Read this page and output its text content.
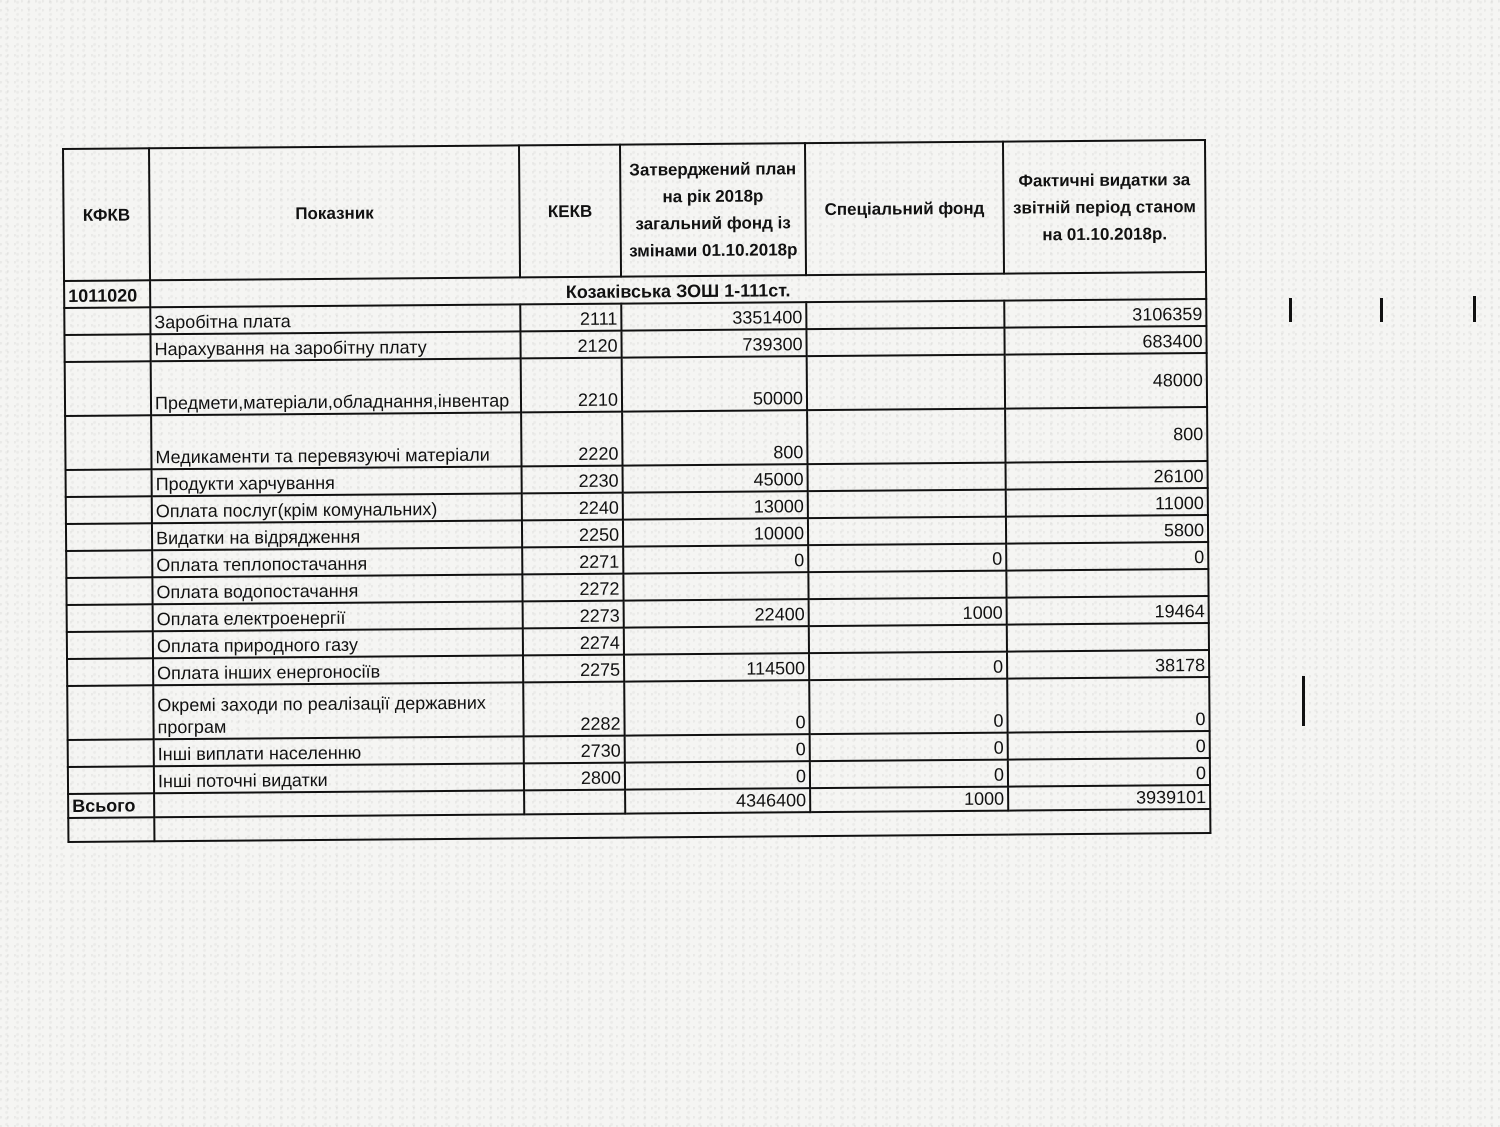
КФКВ	Показник	КЕКВ	Затверджений план на рік 2018р загальний фонд із змінами 01.10.2018р	Спеціальний фонд	Фактичні видатки за звітній період станом на 01.10.2018р.
1011020	Козаківська ЗОШ 1-111ст.				
	Заробітна плата	2111	3351400		3106359
	Нарахування на заробітну плату	2120	739300		683400
	Предмети,матеріали,обладнання,інвентар	2210	50000		48000
	Медикаменти та перевязуючі матеріали	2220	800		800
	Продукти харчування	2230	45000		26100
	Оплата послуг(крім комунальних)	2240	13000		11000
	Видатки на відрядження	2250	10000		5800
	Оплата теплопостачання	2271	0	0	0
	Оплата водопостачання	2272			
	Оплата електроенергії	2273	22400	1000	19464
	Оплата природного газу	2274			
	Оплата інших енергоносіїв	2275	114500	0	38178
	Окремі заходи по реалізації державних програм	2282	0	0	0
	Інші виплати населенню	2730	0	0	0
	Інші поточні видатки	2800	0	0	0
Всього			4346400	1000	3939101
